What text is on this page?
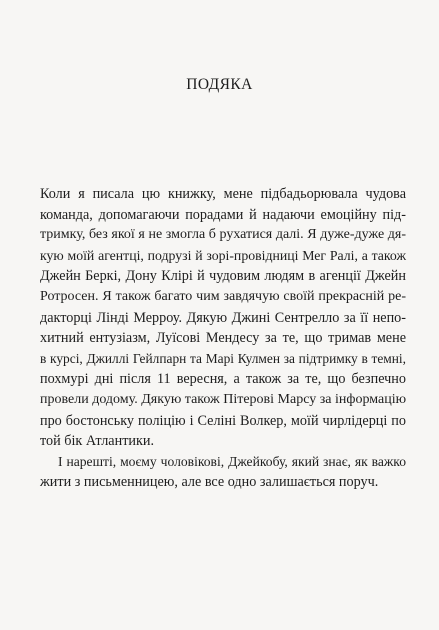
ПОДЯКА
Коли я писала цю книжку, мене підбадьорювала чудова
команда, допомагаючи порадами й надаючи емоційну під-
тримку, без якої я не змогла б рухатися далі. Я дуже-дуже дя-
кую моїй агентці, подрузі й зорі-провідниці Мег Ралі, а також
Джейн Беркі, Дону Клірі й чудовим людям в агенції Джейн
Ротросен. Я також багато чим завдячую своїй прекрасній ре-
дакторці Лінді Мерроу. Дякую Джині Сентрелло за її непо-
хитний ентузіазм, Луїсові Мендесу за те, що тримав мене
в курсі, Джиллі Гейлпарн та Марі Кулмен за підтримку в темні,
похмурі дні після 11 вересня, а також за те, що безпечно
провели додому. Дякую також Пітерові Марсу за інформацію
про бостонську поліцію і Селіні Волкер, моїй чирлідерці по
той бік Атлантики.
І нарешті, моєму чоловікові, Джейкобу, який знає, як важко
жити з письменницею, але все одно залишається поруч.
